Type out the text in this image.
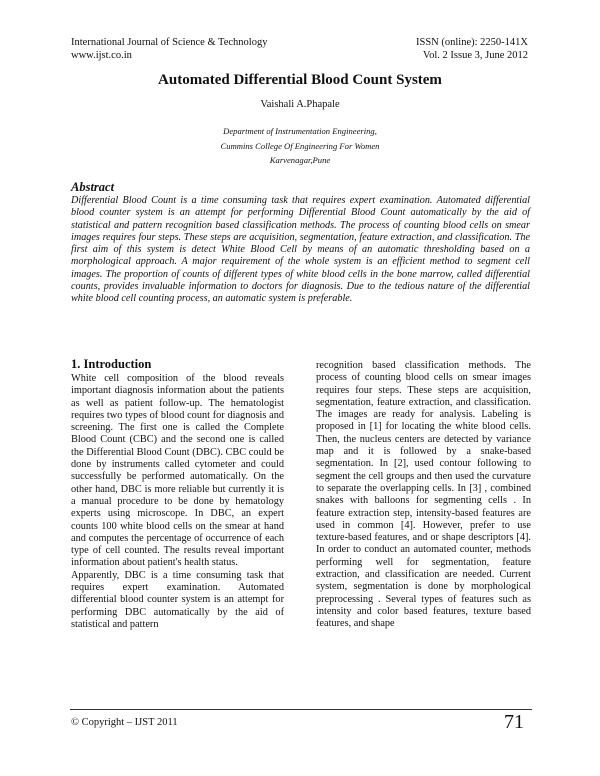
International Journal of Science & Technology
www.ijst.co.in
ISSN (online): 2250-141X
Vol. 2 Issue 3, June 2012
Automated Differential Blood Count System
Vaishali A.Phapale
Department of Instrumentation Engineering,
Cummins College Of Engineering For Women
Karvenagar,Pune
Abstract
Differential Blood Count is a time consuming task that requires expert examination. Automated differential blood counter system is an attempt for performing Differential Blood Count automatically by the aid of statistical and pattern recognition based classification methods. The process of counting blood cells on smear images requires four steps. These steps are acquisition, segmentation, feature extraction, and classification. The first aim of this system is detect White Blood Cell by means of an automatic thresholding based on a morphological approach. A major requirement of the whole system is an efficient method to segment cell images. The proportion of counts of different types of white blood cells in the bone marrow, called differential counts, provides invaluable information to doctors for diagnosis. Due to the tedious nature of the differential white blood cell counting process, an automatic system is preferable.
1. Introduction

White cell composition of the blood reveals important diagnosis information about the patients as well as patient follow-up. The hematologist requires two types of blood count for diagnosis and screening. The first one is called the Complete Blood Count (CBC) and the second one is called the Differential Blood Count (DBC). CBC could be done by instruments called cytometer and could successfully be performed automatically. On the other hand, DBC is more reliable but currently it is a manual procedure to be done by hematology experts using microscope. In DBC, an expert counts 100 white blood cells on the smear at hand and computes the percentage of occurrence of each type of cell counted. The results reveal important information about patient's health status.

Apparently, DBC is a time consuming task that requires expert examination. Automated differential blood counter system is an attempt for performing DBC automatically by the aid of statistical and pattern

recognition based classification methods. The process of counting blood cells on smear images requires four steps. These steps are acquisition, segmentation, feature extraction, and classification. The images are ready for analysis. Labeling is proposed in [1] for locating the white blood cells. Then, the nucleus centers are detected by variance map and it is followed by a snake-based segmentation. In [2], used contour following to segment the cell groups and then used the curvature to separate the overlapping cells. In [3] , combined snakes with balloons for segmenting cells . In feature extraction step, intensity-based features are used in common [4]. However, prefer to use texture-based features, and or shape descriptors [4]. In order to conduct an automated counter, methods performing well for segmentation, feature extraction, and classification are needed. Current system, segmentation is done by morphological preprocessing . Several types of features such as intensity and color based features, texture based features, and shape

© Copyright – IJST 2011	71
